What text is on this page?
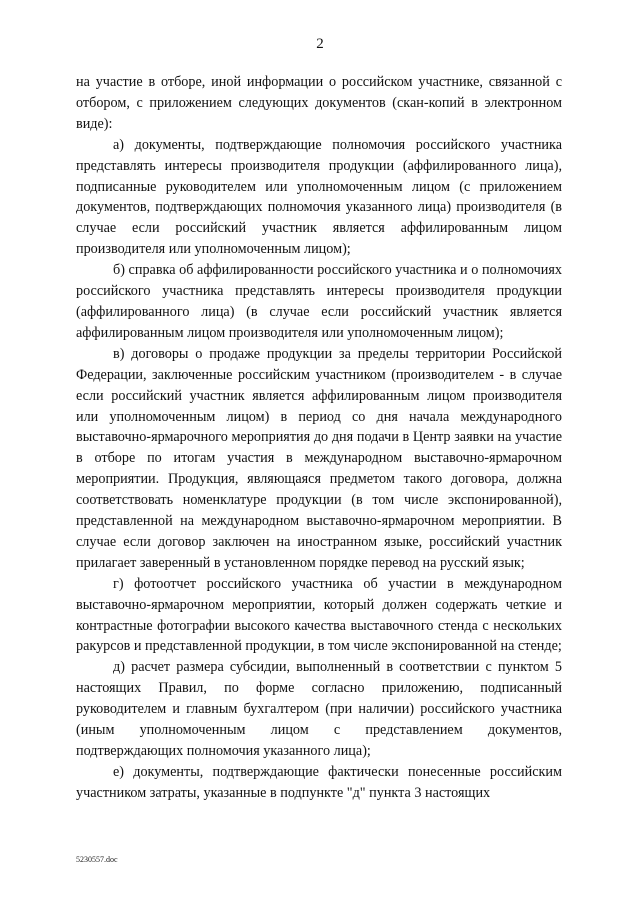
2

на участие в отборе, иной информации о российском участнике, связанной с отбором, с приложением следующих документов (скан-копий в электронном виде):

а) документы, подтверждающие полномочия российского участника представлять интересы производителя продукции (аффилированного лица), подписанные руководителем или уполномоченным лицом (с приложением документов, подтверждающих полномочия указанного лица) производителя (в случае если российский участник является аффилированным лицом производителя или уполномоченным лицом);

б) справка об аффилированности российского участника и о полномочиях российского участника представлять интересы производителя продукции (аффилированного лица) (в случае если российский участник является аффилированным лицом производителя или уполномоченным лицом);

в) договоры о продаже продукции за пределы территории Российской Федерации, заключенные российским участником (производителем - в случае если российский участник является аффилированным лицом производителя или уполномоченным лицом) в период со дня начала международного выставочно-ярмарочного мероприятия до дня подачи в Центр заявки на участие в отборе по итогам участия в международном выставочно-ярмарочном мероприятии. Продукция, являющаяся предметом такого договора, должна соответствовать номенклатуре продукции (в том числе экспонированной), представленной на международном выставочно-ярмарочном мероприятии. В случае если договор заключен на иностранном языке, российский участник прилагает заверенный в установленном порядке перевод на русский язык;

г) фотоотчет российского участника об участии в международном выставочно-ярмарочном мероприятии, который должен содержать четкие и контрастные фотографии высокого качества выставочного стенда с нескольких ракурсов и представленной продукции, в том числе экспонированной на стенде;

д) расчет размера субсидии, выполненный в соответствии с пунктом 5 настоящих Правил, по форме согласно приложению, подписанный руководителем и главным бухгалтером (при наличии) российского участника (иным уполномоченным лицом с представлением документов, подтверждающих полномочия указанного лица);

е) документы, подтверждающие фактически понесенные российским участником затраты, указанные в подпункте "д" пункта 3 настоящих

5230557.doc
